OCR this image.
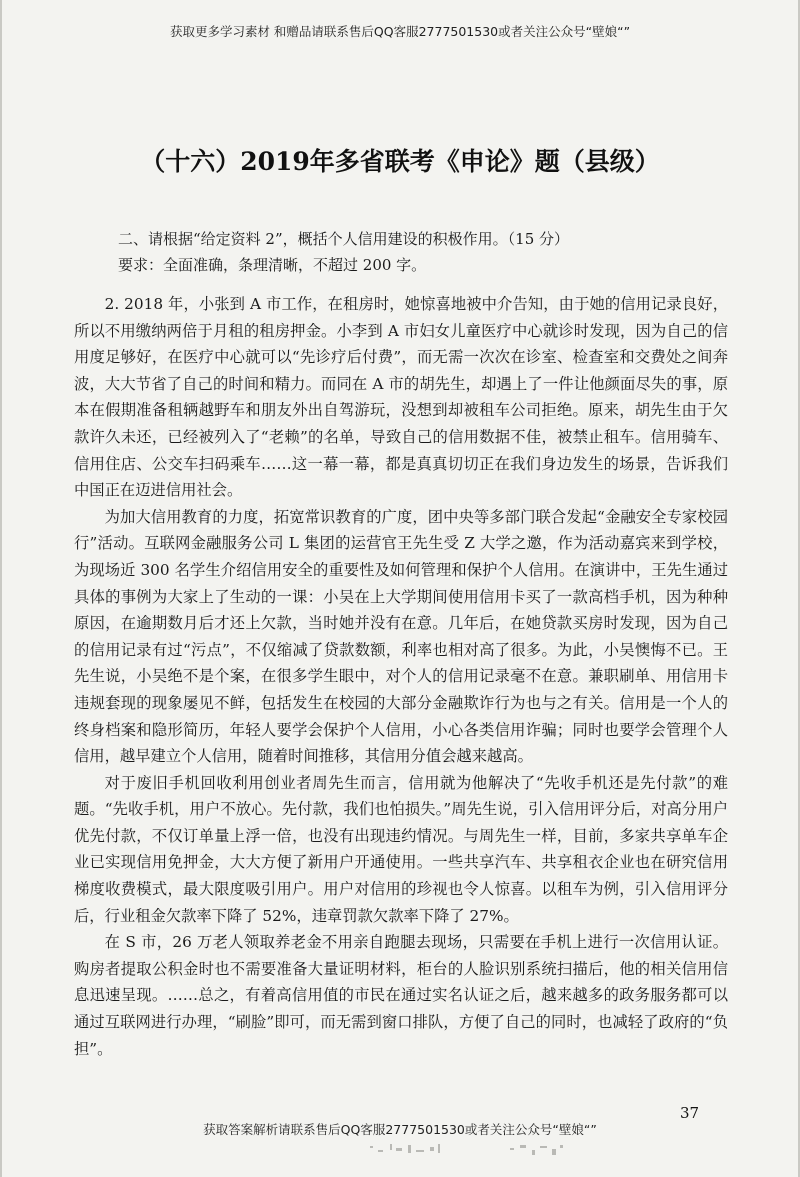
获取更多学习素材 和赠品请联系售后QQ客服2777501530或者关注公众号“壁娘“”
（十六）2019年多省联考《申论》题（县级）

二、请根据“给定资料 2”，概括个人信用建设的积极作用。（15 分）

要求：全面准确，条理清晰，不超过 200 字。

2. 2018 年，小张到 A 市工作，在租房时，她惊喜地被中介告知，由于她的信用记录良好，所以不用缴纳两倍于月租的租房押金。小李到 A 市妇女儿童医疗中心就诊时发现，因为自己的信用度足够好，在医疗中心就可以“先诊疗后付费”，而无需一次次在诊室、检查室和交费处之间奔波，大大节省了自己的时间和精力。而同在 A 市的胡先生，却遇上了一件让他颜面尽失的事，原本在假期准备租辆越野车和朋友外出自驾游玩，没想到却被租车公司拒绝。原来，胡先生由于欠款许久未还，已经被列入了“老赖”的名单，导致自己的信用数据不佳，被禁止租车。信用骑车、信用住店、公交车扫码乘车……这一幕一幕，都是真真切切正在我们身边发生的场景，告诉我们中国正在迈进信用社会。

为加大信用教育的力度，拓宽常识教育的广度，团中央等多部门联合发起“金融安全专家校园行”活动。互联网金融服务公司 L 集团的运营官王先生受 Z 大学之邀，作为活动嘉宾来到学校，为现场近 300 名学生介绍信用安全的重要性及如何管理和保护个人信用。在演讲中，王先生通过具体的事例为大家上了生动的一课：小吴在上大学期间使用信用卡买了一款高档手机，因为种种原因，在逾期数月后才还上欠款，当时她并没有在意。几年后，在她贷款买房时发现，因为自己的信用记录有过“污点”，不仅缩减了贷款数额，利率也相对高了很多。为此，小吴懊悔不已。王先生说，小吴绝不是个案，在很多学生眼中，对个人的信用记录毫不在意。兼职刷单、用信用卡违规套现的现象屡见不鲜，包括发生在校园的大部分金融欺诈行为也与之有关。信用是一个人的终身档案和隐形简历，年轻人要学会保护个人信用，小心各类信用诈骗；同时也要学会管理个人信用，越早建立个人信用，随着时间推移，其信用分值会越来越高。

对于废旧手机回收利用创业者周先生而言，信用就为他解决了“先收手机还是先付款”的难题。“先收手机，用户不放心。先付款，我们也怕损失。”周先生说，引入信用评分后，对高分用户优先付款，不仅订单量上浮一倍，也没有出现违约情况。与周先生一样，目前，多家共享单车企业已实现信用免押金，大大方便了新用户开通使用。一些共享汽车、共享租衣企业也在研究信用梯度收费模式，最大限度吸引用户。用户对信用的珍视也令人惊喜。以租车为例，引入信用评分后，行业租金欠款率下降了 52%，违章罚款欠款率下降了 27%。

在 S 市，26 万老人领取养老金不用亲自跑腿去现场，只需要在手机上进行一次信用认证。购房者提取公积金时也不需要准备大量证明材料，柜台的人脸识别系统扫描后，他的相关信用信息迅速呈现。……总之，有着高信用值的市民在通过实名认证之后，越来越多的政务服务都可以通过互联网进行办理，“刷脸”即可，而无需到窗口排队，方便了自己的同时，也减轻了政府的“负担”。

37
获取答案解析请联系售后QQ客服2777501530或者关注公众号“壁娘“”
